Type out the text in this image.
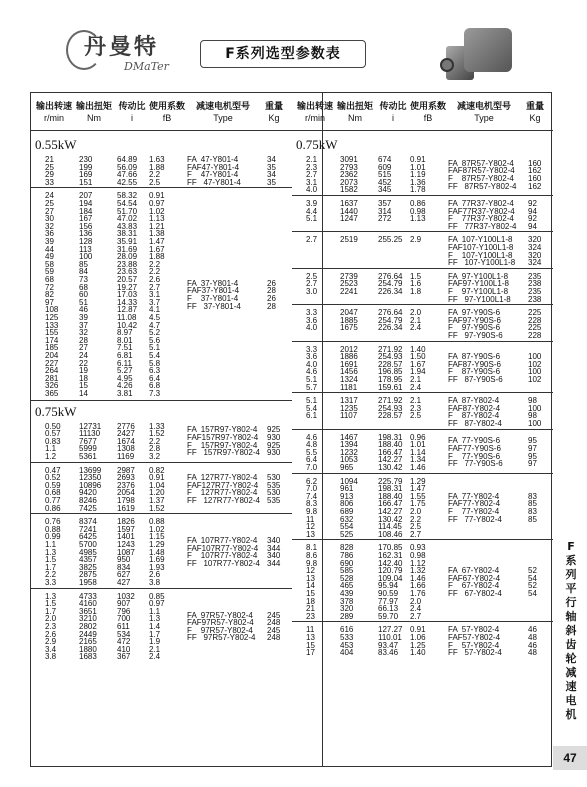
丹曼特
DMaTer
F系列选型参数表
输出转速
r/min
输出扭矩
Nm
传动比
i
使用系数
fB
减速电机型号
Type
重量
Kg
0.55kW
21	230	64.89 1.63
25	199	56.09 1.88
29	169	47.66 2.2
33	151	42.55 2.5
FA  47-Y801-4	34
FAF47-Y801-4	35
F    47-Y801-4	34
FF   47-Y801-4	35
24	207	58.32 0.91
25	194	54.54 0.97
27	184	51.70 1.02
30	167	47.02 1.13
32	156	43.83 1.21
36	136	38.31 1.38
39	128	35.91 1.47
44	113	31.69 1.67
49	100	28.09 1.88
58	85	23.88 2.2
59	84	23.63 2.2
68	73	20.57 2.6
72	68	19.27 2.7
82	60	17.03 3.1
97	51	14.33 3.7
108	46	12.87 4.1
125	39	11.08 4.5
133	37	10.42 4.7
155	32	8.97 5.2
174	28	8.01 5.6
185	27	7.51 5.1
204	24	6.81 5.4
227	22	6.11 5.8
264	19	5.27 6.3
281	18	4.95 6.4
326	15	4.26 6.8
365	14	3.81 7.3
FA  37-Y801-4	26
FAF37-Y801-4	28
F    37-Y801-4	26
FF   37-Y801-4	28
0.75kW
0.50 12731 2776 1.33
0.57 11130 2427 1.52
0.83 7677	1674 2.2
1.1	5999	1308 2.8
1.2	5361	1169 3.2
FA  157R97-Y802-4 925
FAF157R97-Y802-4 930
F    157R97-Y802-4 925
FF   157R97-Y802-4 930
0.47 13699 2987 0.82
0.52 12350 2693 0.91
0.59 10896 2376 1.04
0.68 9420	2054 1.20
0.77 8246	1798 1.37
0.86 7425	1619 1.52
FA  127R77-Y802-4 530
FAF127R77-Y802-4 535
F    127R77-Y802-4 530
FF   127R77-Y802-4 535
0.76 8374	1826 0.88
0.88 7241	1597 1.02
0.99 6425	1401 1.15
1.1	5700	1243 1.29
1.3	4985	1087 1.48
1.5	4357	950 1.69
1.7	3825	834 1.93
2.2	2875	627 2.6
3.3	1958	427 3.8
FA  107R77-Y802-4 340
FAF107R77-Y802-4 344
F    107R77-Y802-4 340
FF   107R77-Y802-4 344
1.3	4733	1032 0.85
1.5	4160	907 0.97
1.7	3651	796 1.1
2.0	3210	700 1.3
2.3	2802	611 1.4
2.6	2449	534 1.7
2.9	2165	472 1.9
3.4	1880	410 2.1
3.8	1683	367 2.4
FA  97R57-Y802-4 245
FAF97R57-Y802-4 248
F    97R57-Y802-4 245
FF   97R57-Y802-4 248
输出转速
r/min
输出扭矩
Nm
传动比
i
使用系数
fB
减速电机型号
Type
重量
Kg
0.75kW
2.1	3091	674 0.91
2.3	2793	609 1.01
2.7	2362	515 1.19
3.1	2073	452 1.36
4.0	1582	345 1.78
FA  87R57-Y802-4 160
FAF87R57-Y802-4 162
F    87R57-Y802-4 160
FF   87R57-Y802-4 162
3.9	1637	357 0.86
4.4	1440	314 0.98
5.1	1247	272 1.13
FA  77R37-Y802-4 92
FAF77R37-Y802-4 94
F    77R37-Y802-4 92
FF   77R37-Y802-4 94
2.7	2519	255.25 2.9	FA  107-Y100L1-8 320
FAF107-Y100L1-8 324
F    107-Y100L1-8 320
FF   107-Y100L1-8 324
2.5	2739	276.64 1.5
2.7	2523	254.79 1.6
3.0	2241	226.34 1.8
FA  97-Y100L1-8 235
FAF97-Y100L1-8 238
F    97-Y100L1-8 235
FF   97-Y100L1-8 238
3.3	2047	276.64 2.0
3.6	1885	254.79 2.1
4.0	1675	226.34 2.4
FA  97-Y90S-6	225
FAF97-Y90S-6	228
F    97-Y90S-6	225
FF   97-Y90S-6	228
3.3	2012	271.92 1.40
3.6	1886	254.93 1.50
4.0	1691	228.57 1.67
4.6	1456	196.85 1.94
5.1	1324	178.95 2.1
5.7	1181	159.61 2.4
FA  87-Y90S-6	100
FAF87-Y90S-6	102
F    87-Y90S-6	100
FF   87-Y90S-6	102
5.1	1317	271.92 2.1
5.4	1235	254.93 2.3
6.1	1107	228.57 2.5
FA  87-Y802-4	98
FAF87-Y802-4	100
F    87-Y802-4	98
FF   87-Y802-4	100
4.6	1467	198.31 0.96
4.8	1394	188.40 1.01
5.5	1232	166.47 1.14
6.4	1053	142.27 1.34
7.0	965	130.42 1.46
FA  77-Y90S-6	95
FAF77-Y90S-6	97
F    77-Y90S-6	95
FF   77-Y90S-6	97
6.2	1094	225.79 1.29
7.0	961	198.31 1.47
7.4	913	188.40 1.55
8.3	806	166.47 1.75
9.8	689	142.27 2.0
11	632	130.42 2.2
12	554	114.45 2.5
13	525	108.46 2.7
FA  77-Y802-4	83
FAF77-Y802-4	85
F    77-Y802-4	83
FF   77-Y802-4	85
8.1	828	170.85 0.93
8.6	786	162.31 0.98
9.8	690	142.40 1.12
12	585	120.79 1.32
13	528	109.04 1.46
14	465	95.94 1.66
15	439	90.59 1.76
18	378	77.97 2.0
21	320	66.13 2.4
23	289	59.70 2.7
FA  67-Y802-4	52
FAF67-Y802-4	54
F    67-Y802-4	52
FF   67-Y802-4	54
11	616	127.27 0.91
13	533	110.01 1.06
15	453	93.47 1.25
17	404	83.46 1.40
FA  57-Y802-4	46
FAF57-Y802-4	48
F    57-Y802-4	46
FF   57-Y802-4	48
F
系
列
平
行
轴
斜
齿
轮
减
速
电
机
47
